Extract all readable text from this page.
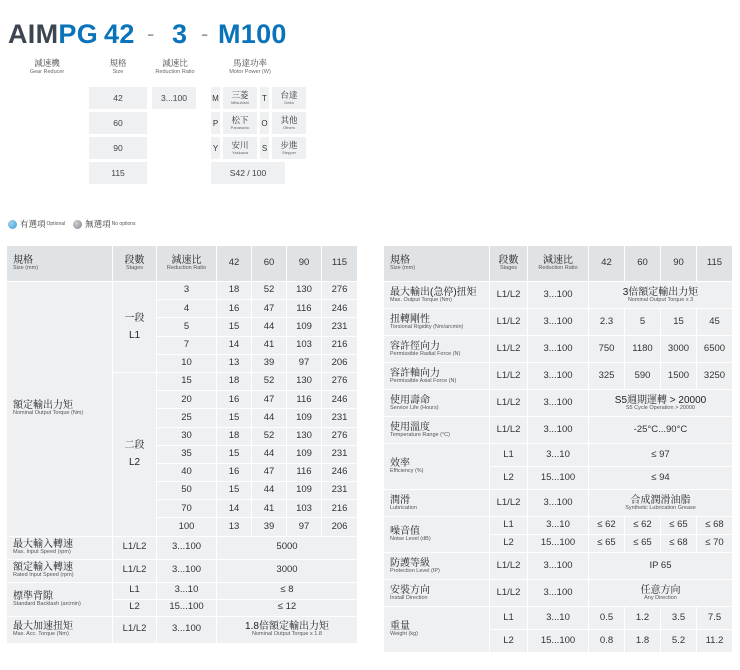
AIMPG 42 - 3 - M100
減速機
Gear Reducer
規格
Size
減速比
Reduction Ratio
馬達功率
Motor Power (W)
42
60
90
115
3...100	M 三菱
Mitsubishi T 台達
Delta
P 松下
Panasonic O 其他
Others
Y 安川
Yaskawa S 步進
Stepper
S42 / 100
有選項 Optional 無選項 No options
規格
Size (mm)	段數
Stages	減速比
Reduction Ratio	42	60	90	115

額定輸出力矩
Nominal Output Torque (Nm)	一段
L1	3	18	52	130	276
		4	16	47	116	246
		5	15	44	109	231
		7	14	41	103	216
		10	13	39	97	206

	二段
L2	15	18	52	130	276
		20	16	47	116	246
		25	15	44	109	231
		30	18	52	130	276
		35	15	44	109	231
		40	16	47	116	246
		50	15	44	109	231
		70	14	41	103	216
		100	13	39	97	206

最大輸入轉速
Max. Input Speed (rpm)	L1/L2	3...100	5000			

額定輸入轉速
Rated Input Speed (rpm)	L1/L2	3...100	3000			

標準背隙
Standard Backlash (arcmin)	L1	3...10	≤ 8			
	L2	15...100	≤ 12			

最大加速扭矩
Max. Acc. Torque (Nm)	L1/L2	3...100	1.8倍額定輸出力矩
Nominal Output Torque x 1.8			
規格
Size (mm)	段數
Stages	減速比
Reduction Ratio	42	60	90	115

最大輸出(急停)扭矩
Max. Output Torque (Nm)	L1/L2	3...100	3倍額定輸出力矩
Nominal Output Torque x 3			

扭轉剛性
Torsional Rigidity (Nm/arcmin)	L1/L2	3...100	2.3	5	15	45

容許徑向力
Permissible Radial Force (N)	L1/L2	3...100	750	1180	3000	6500

容許軸向力
Permissible Axial Force (N)	L1/L2	3...100	325	590	1500	3250

使用壽命
Service Life (Hours)	L1/L2	3...100	S5週期運轉 > 20000
S5 Cycle Operation > 20000			

使用溫度
Temperature Range (°C)	L1/L2	3...100	-25°C...90°C			

效率
Efficiency (%)	L1	3...10	≤ 97			
	L2	15...100	≤ 94			

潤滑
Lubrication	L1/L2	3...100	合成潤滑油脂
Synthetic Lubrication Grease			

噪音值
Noise Level (dB)	L1	3...10	≤ 62	≤ 62	≤ 65	≤ 68
	L2	15...100	≤ 65	≤ 65	≤ 68	≤ 70

防護等級
Protection Level (IP)	L1/L2	3...100	IP 65			

安裝方向
Install Direction	L1/L2	3...100	任意方向
Any Direction			

重量
Weight (kg)	L1	3...10	0.5	1.2	3.5	7.5
	L2	15...100	0.8	1.8	5.2	11.2
